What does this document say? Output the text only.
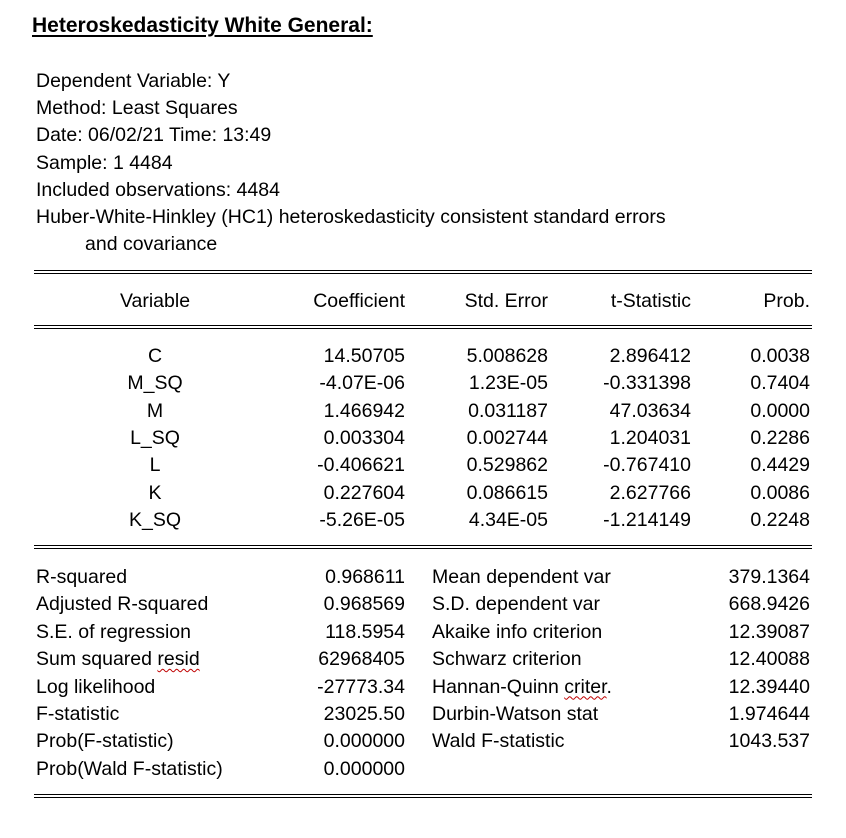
Heteroskedasticity White General:
Dependent Variable: Y
Method: Least Squares
Date: 06/02/21 Time: 13:49
Sample: 1 4484
Included observations: 4484
Huber-White-Hinkley (HC1) heteroskedasticity consistent standard errors
and covariance
Variable	Coefficient	Std. Error	t-Statistic	Prob.
C	14.50705	5.008628	2.896412	0.0038
M_SQ	-4.07E-06	1.23E-05	-0.331398	0.7404
M	1.466942	0.031187	47.03634	0.0000
L_SQ	0.003304	0.002744	1.204031	0.2286
L	-0.406621	0.529862	-0.767410	0.4429
K	0.227604	0.086615	2.627766	0.0086
K_SQ	-5.26E-05	4.34E-05	-1.214149	0.2248
R-squared	0.968611 Mean dependent var	379.1364
Adjusted R-squared	0.968569 S.D. dependent var	668.9426
S.E. of regression	118.5954 Akaike info criterion	12.39087
Sum squared resid	62968405 Schwarz criterion	12.40088
Log likelihood	-27773.34 Hannan-Quinn criter.	12.39440
F-statistic	23025.50 Durbin-Watson stat	1.974644
Prob(F-statistic)	0.000000 Wald F-statistic	1043.537
Prob(Wald F-statistic)	0.000000
